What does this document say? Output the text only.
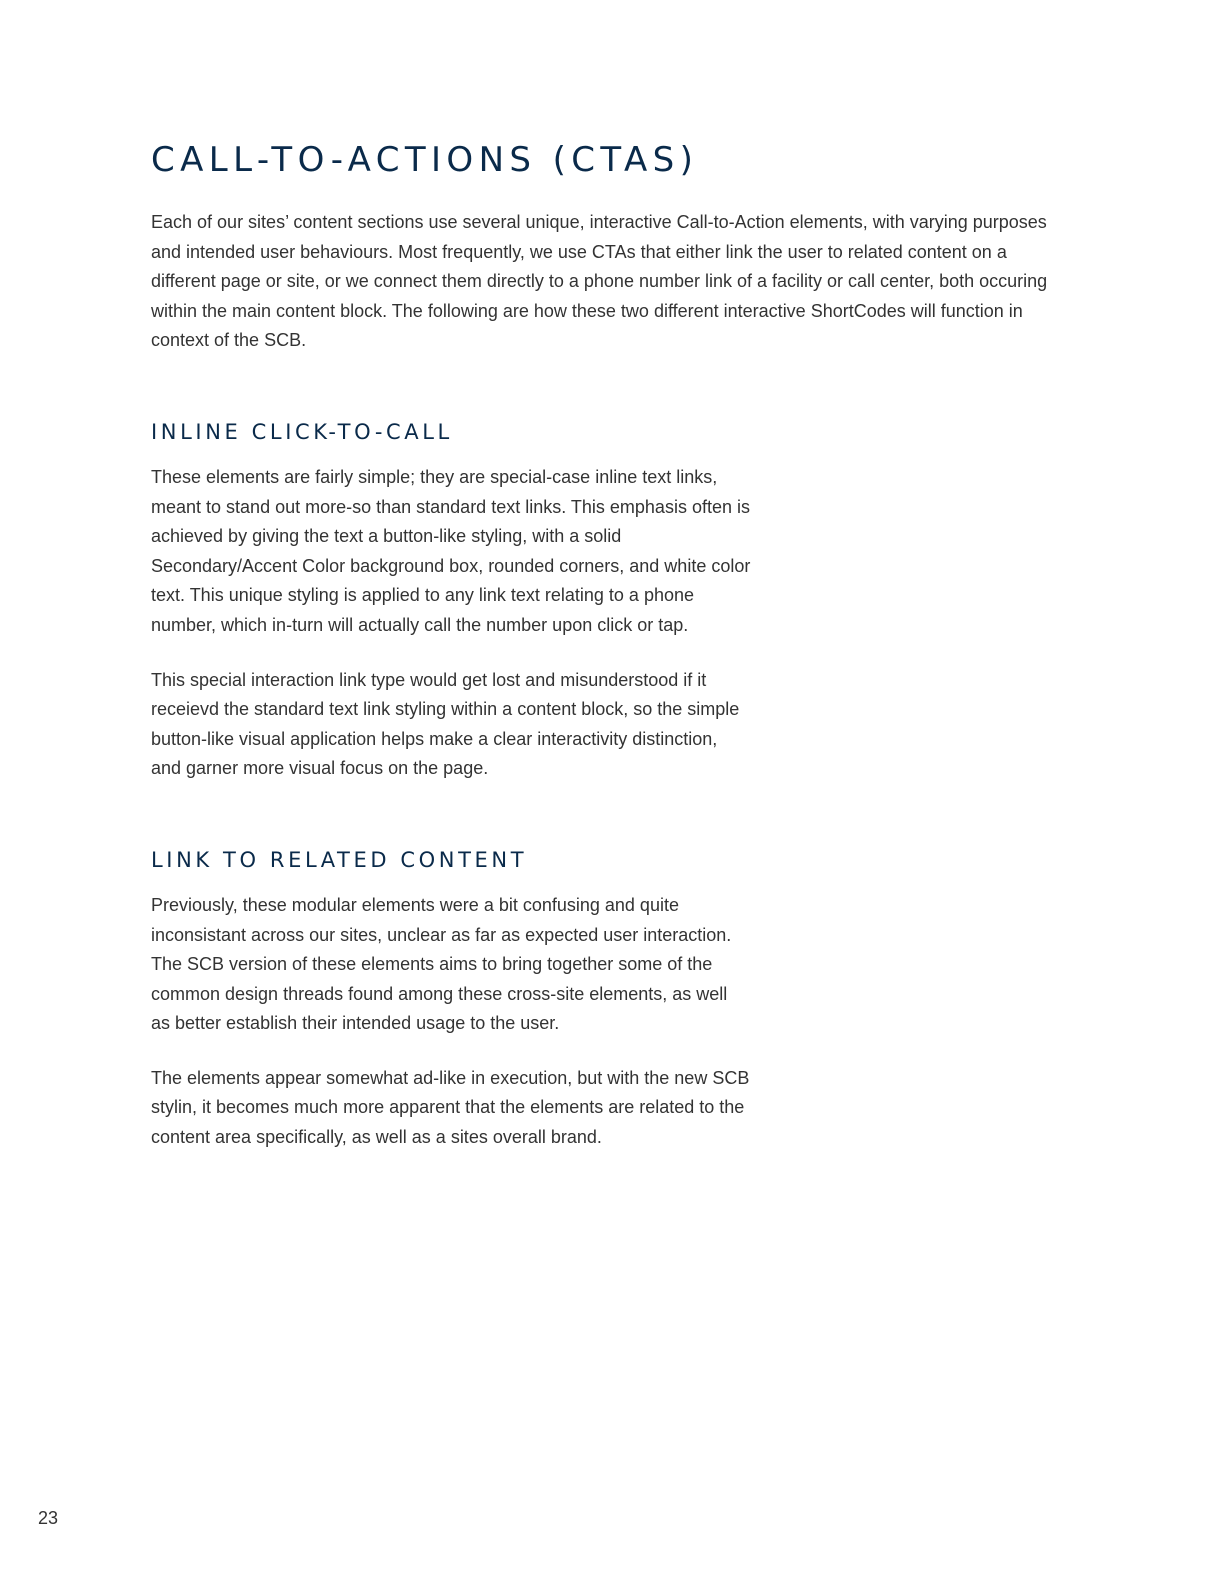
CALL-TO-ACTIONS (CTAS)

Each of our sites’ content sections use several unique, interactive Call-to-Action elements, with varying purposes and intended user behaviours. Most frequently, we use CTAs that either link the user to related content on a different page or site, or we connect them directly to a phone number link of a facility or call center, both occuring within the main content block. The following are how these two different interactive ShortCodes will function in context of the SCB.

INLINE CLICK-TO-CALL

These elements are fairly simple; they are special-case inline text links, meant to stand out more-so than standard text links. This emphasis often is achieved by giving the text a button-like styling, with a solid Secondary/Accent Color background box, rounded corners, and white color text. This unique styling is applied to any link text relating to a phone number, which in-turn will actually call the number upon click or tap.

This special interaction link type would get lost and misunderstood if it receievd the standard text link styling within a content block, so the simple button-like visual application helps make a clear interactivity distinction, and garner more visual focus on the page.

LINK TO RELATED CONTENT

Previously, these modular elements were a bit confusing and quite inconsistant across our sites, unclear as far as expected user interaction. The SCB version of these elements aims to bring together some of the common design threads found among these cross-site elements, as well as better establish their intended usage to the user.

The elements appear somewhat ad-like in execution, but with the new SCB stylin, it becomes much more apparent that the elements are related to the content area specifically, as well as a sites overall brand.

23
